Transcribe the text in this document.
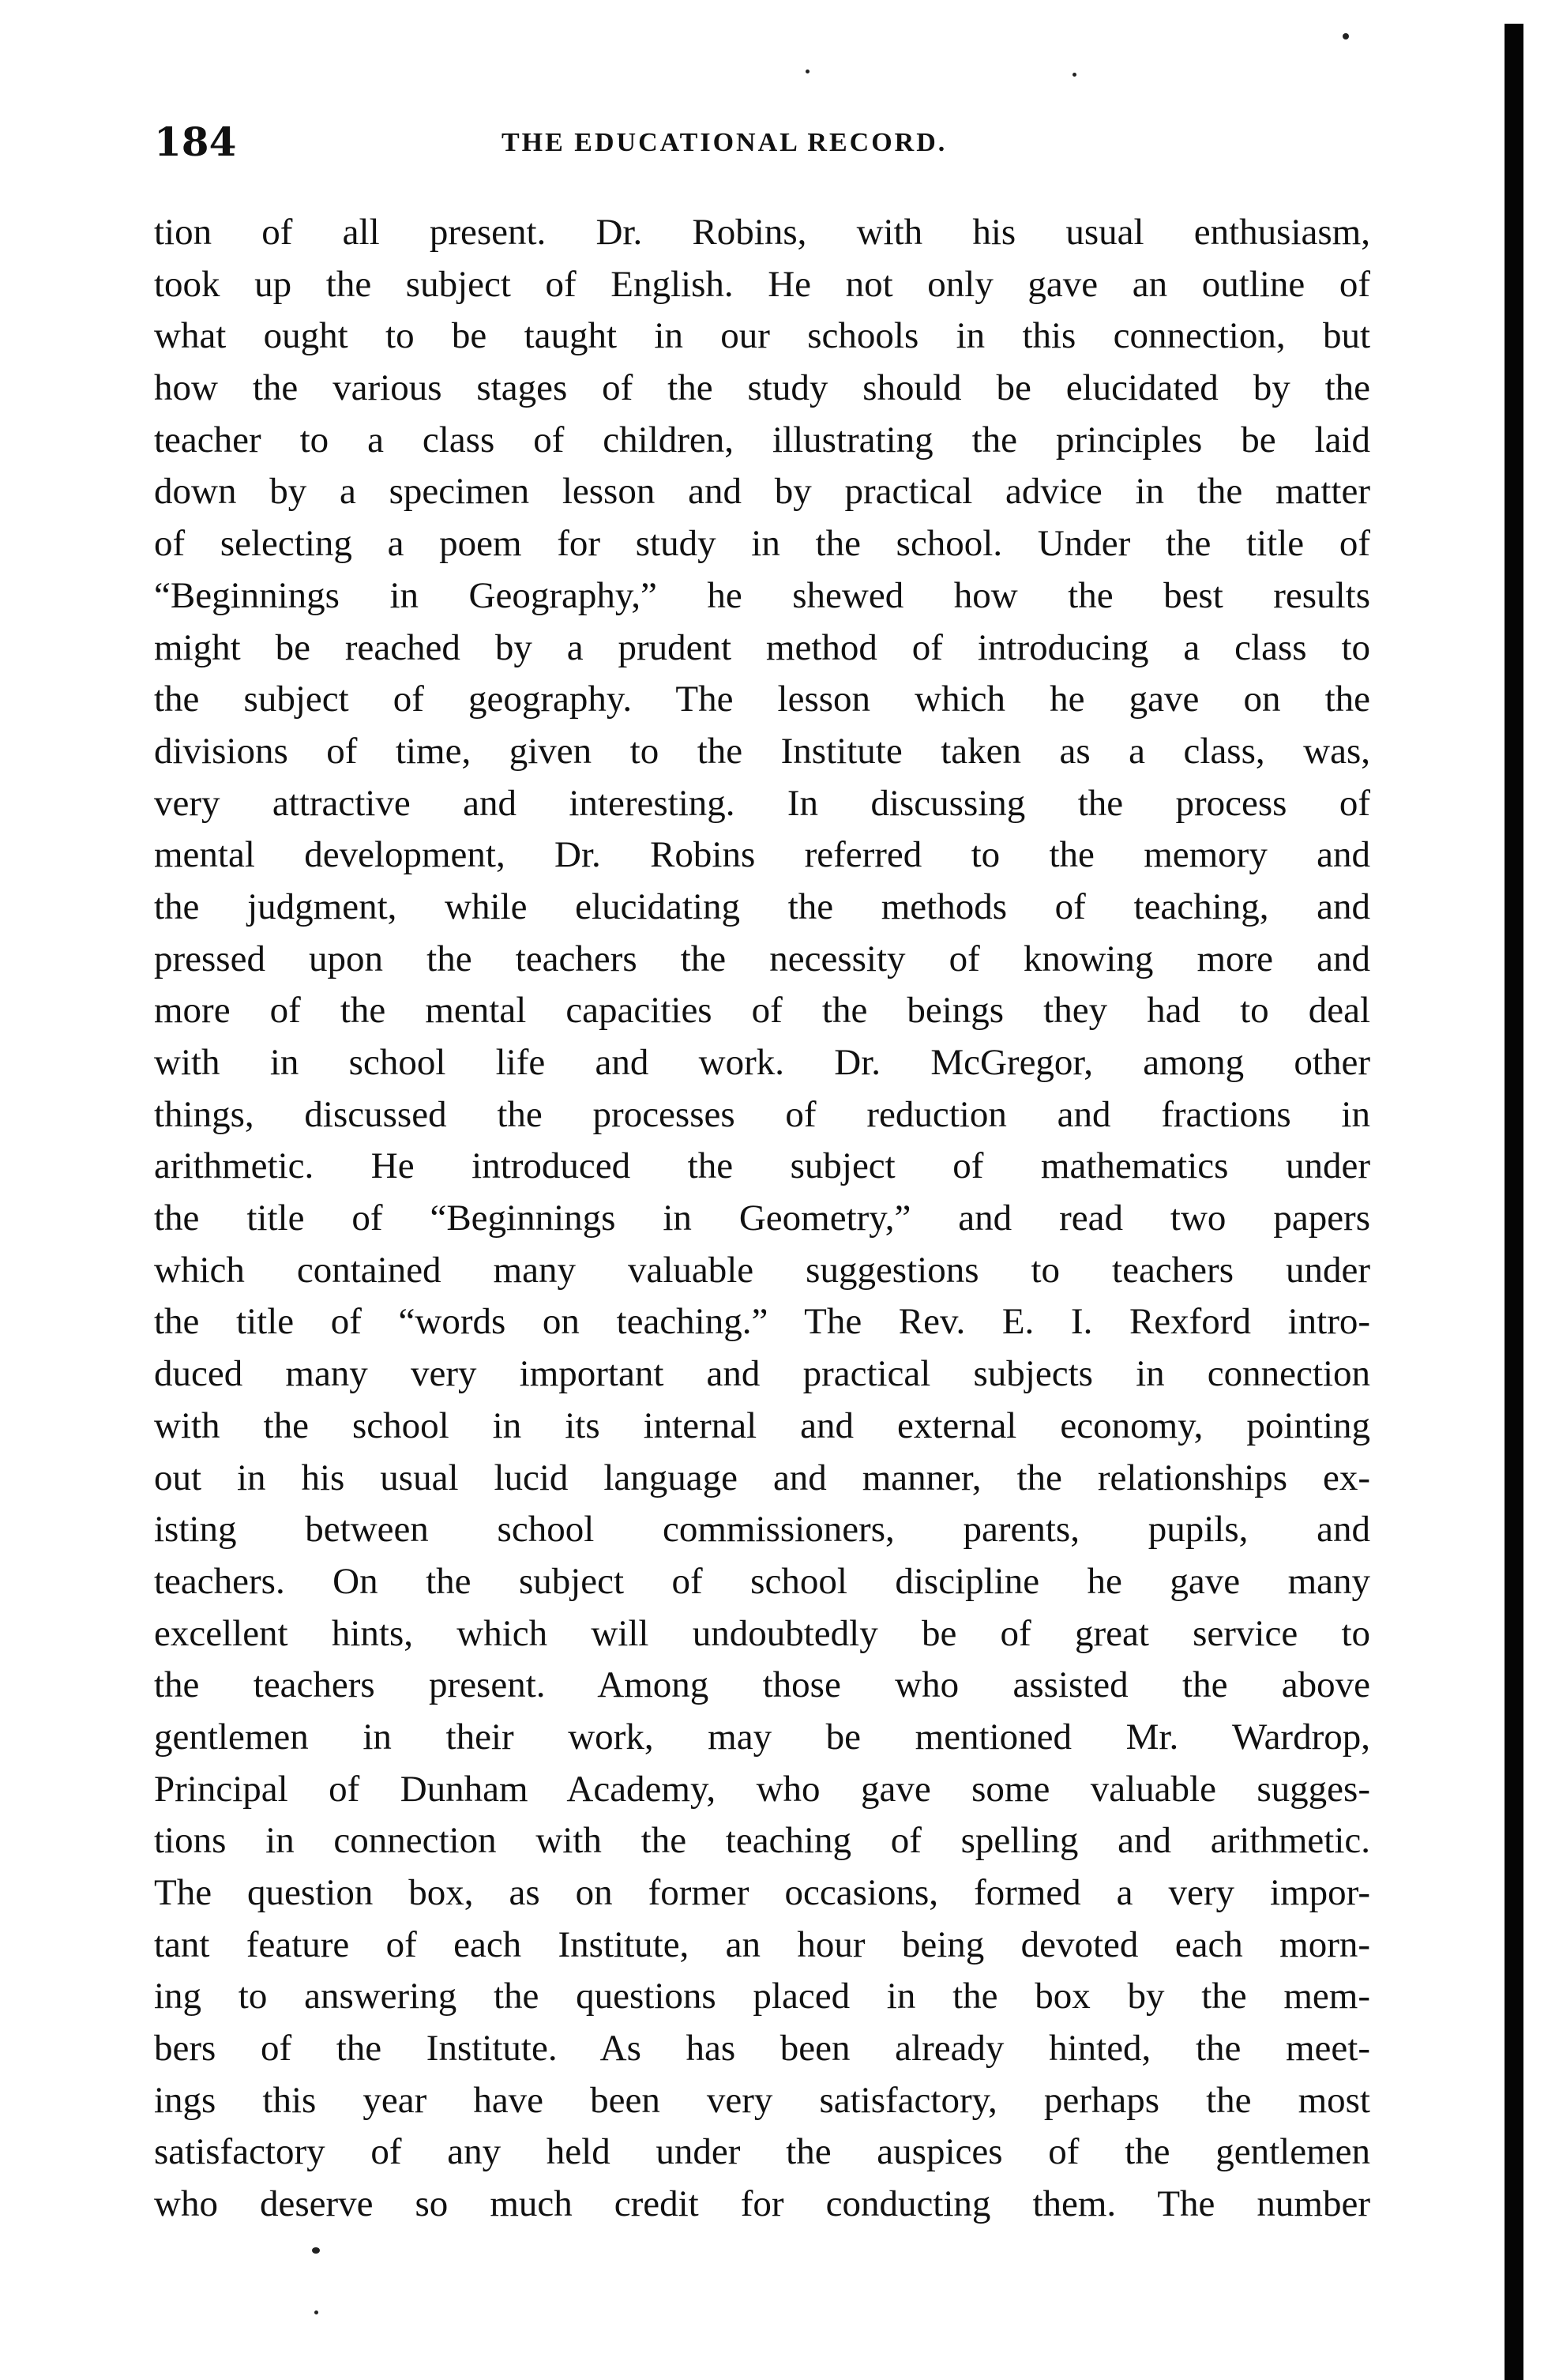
184	THE EDUCATIONAL RECORD.
tion of all present. Dr. Robins, with his usual enthusiasm,
took up the subject of English. He not only gave an outline of
what ought to be taught in our schools in this connection, but
how the various stages of the study should be elucidated by the
teacher to a class of children, illustrating the principles be laid
down by a specimen lesson and by practical advice in the matter
of selecting a poem for study in the school. Under the title of
“Beginnings in Geography,” he shewed how the best results
might be reached by a prudent method of introducing a class to
the subject of geography. The lesson which he gave on the
divisions of time, given to the Institute taken as a class, was,
very attractive and interesting. In discussing the process of
mental development, Dr. Robins referred to the memory and
the judgment, while elucidating the methods of teaching, and
pressed upon the teachers the necessity of knowing more and
more of the mental capacities of the beings they had to deal
with in school life and work. Dr. McGregor, among other
things, discussed the processes of reduction and fractions in
arithmetic. He introduced the subject of mathematics under
the title of “Beginnings in Geometry,” and read two papers
which contained many valuable suggestions to teachers under
the title of “words on teaching.” The Rev. E. I. Rexford intro-
duced many very important and practical subjects in connection
with the school in its internal and external economy, pointing
out in his usual lucid language and manner, the relationships ex-
isting between school commissioners, parents, pupils, and
teachers. On the subject of school discipline he gave many
excellent hints, which will undoubtedly be of great service to
the teachers present. Among those who assisted the above
gentlemen in their work, may be mentioned Mr. Wardrop,
Principal of Dunham Academy, who gave some valuable sugges-
tions in connection with the teaching of spelling and arithmetic.
The question box, as on former occasions, formed a very impor-
tant feature of each Institute, an hour being devoted each morn-
ing to answering the questions placed in the box by the mem-
bers of the Institute. As has been already hinted, the meet-
ings this year have been very satisfactory, perhaps the most
satisfactory of any held under the auspices of the gentlemen
who deserve so much credit for conducting them. The number
